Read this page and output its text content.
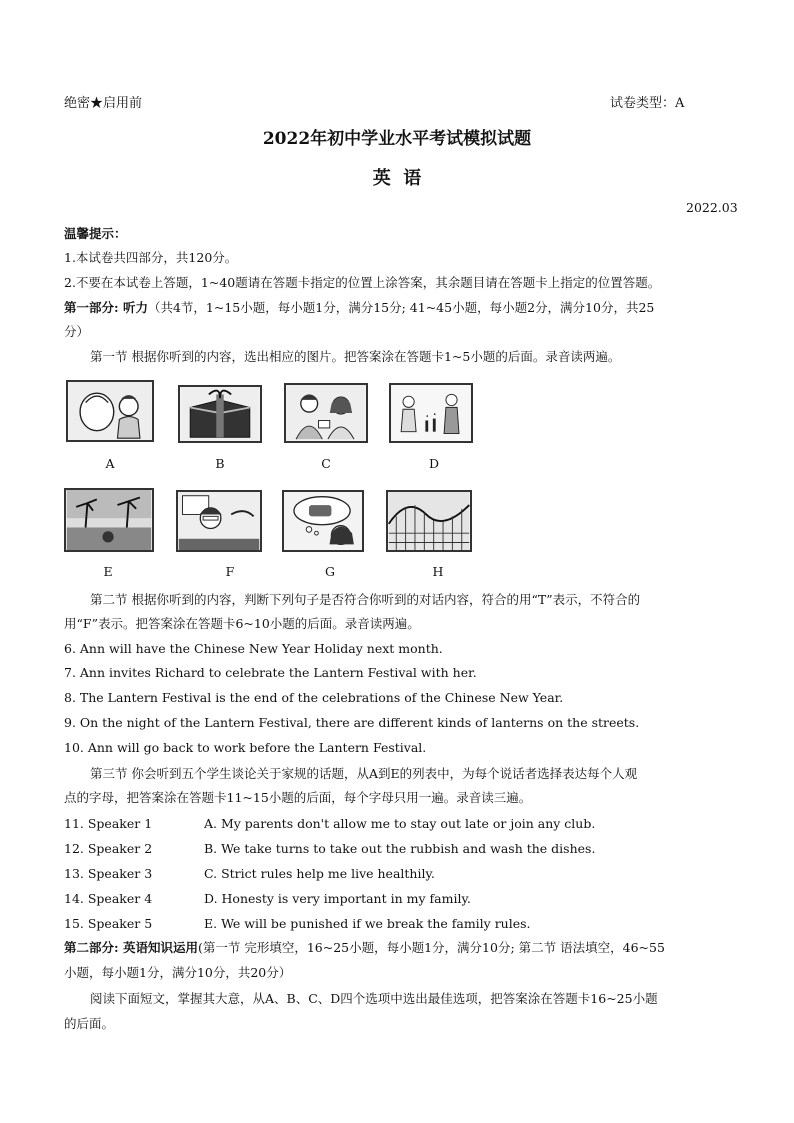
绝密★启用前	试卷类型：A
2022年初中学业水平考试模拟试题
英  语
2022.03
温馨提示：
1.本试卷共四部分，共120分。
2.不要在本试卷上答题，1~40题请在答题卡指定的位置上涂答案，其余题目请在答题卡上指定的位置答题。
第一部分: 听力（共4节，1~15小题，每小题1分，满分15分; 41~45小题，每小题2分，满分10分，共25
分）
第一节 根据你听到的内容，选出相应的图片。把答案涂在答题卡1~5小题的后面。录音读两遍。
A	B	C	D
E	F	G	H
第二节 根据你听到的内容，判断下列句子是否符合你听到的对话内容，符合的用“T”表示，不符合的
用“F”表示。把答案涂在答题卡6~10小题的后面。录音读两遍。
6. Ann will have the Chinese New Year Holiday next month.
7. Ann invites Richard to celebrate the Lantern Festival with her.
8. The Lantern Festival is the end of the celebrations of the Chinese New Year.
9. On the night of the Lantern Festival, there are different kinds of lanterns on the streets.
10. Ann will go back to work before the Lantern Festival.
第三节 你会听到五个学生谈论关于家规的话题，从A到E的列表中，为每个说话者选择表达每个人观
点的字母，把答案涂在答题卡11~15小题的后面，每个字母只用一遍。录音读三遍。
11. Speaker 1	A. My parents don't allow me to stay out late or join any club.
12. Speaker 2	B. We take turns to take out the rubbish and wash the dishes.
13. Speaker 3	C. Strict rules help me live healthily.
14. Speaker 4	D. Honesty is very important in my family.
15. Speaker 5	E. We will be punished if we break the family rules.
第二部分: 英语知识运用(第一节 完形填空，16~25小题，每小题1分，满分10分; 第二节 语法填空，46~55
小题，每小题1分，满分10分，共20分）
阅读下面短文，掌握其大意，从A、B、C、D四个选项中选出最佳选项，把答案涂在答题卡16~25小题
的后面。
